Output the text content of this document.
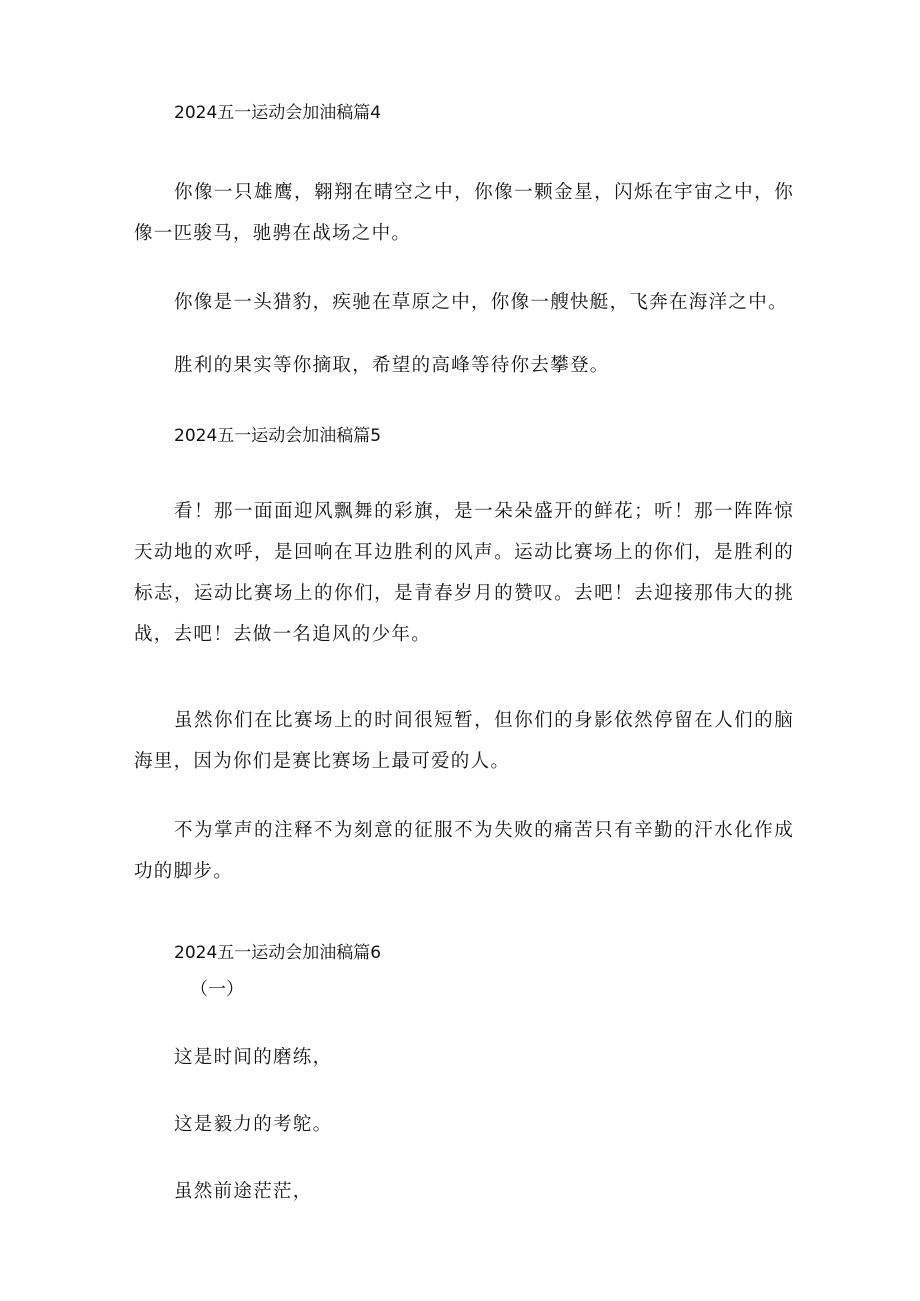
2024五一运动会加油稿篇4

你像一只雄鹰，翱翔在晴空之中，你像一颗金星，闪烁在宇宙之中，你像一匹骏马，驰骋在战场之中。

你像是一头猎豹，疾驰在草原之中，你像一艘快艇，飞奔在海洋之中。

胜利的果实等你摘取，希望的高峰等待你去攀登。

2024五一运动会加油稿篇5

看！那一面面迎风飘舞的彩旗，是一朵朵盛开的鲜花；听！那一阵阵惊天动地的欢呼，是回响在耳边胜利的风声。运动比赛场上的你们，是胜利的标志，运动比赛场上的你们，是青春岁月的赞叹。去吧！去迎接那伟大的挑战，去吧！去做一名追风的少年。

虽然你们在比赛场上的时间很短暂，但你们的身影依然停留在人们的脑海里，因为你们是赛比赛场上最可爱的人。

不为掌声的注释不为刻意的征服不为失败的痛苦只有辛勤的汗水化作成功的脚步。

2024五一运动会加油稿篇6
（一）
这是时间的磨练，
这是毅力的考鸵。
虽然前途茫茫，
